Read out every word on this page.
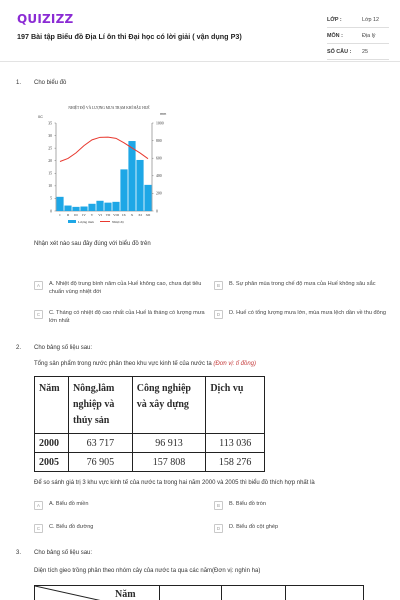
QUIZIZZ
197 Bài tập Biểu đồ Địa Lí ôn thi Đại học có lời giải ( vận dụng P3)
LỚP :	Lớp 12
MÔN :	Địa lý
SỐ CÂU :	25
1. Cho biểu đồ
NHIỆT ĐỘ VÀ LƯỢNG MƯA TRẠM KHÍ HẬU HUẾ
0C
mm
0
5
10
15
20
25
30
35
0
200
400
600
800
1000
I II III IV V VI VII VIII IX X XI XII
Lượng mưa	Nhiệt độ
Nhận xét nào sau đây đúng với biểu đồ trên
A	A. Nhiệt độ trung bình năm của Huế không cao, chưa đạt tiêu chuẩn vùng nhiệt đới
B	B. Sự phân mùa trong chế độ mưa của Huế không sâu sắc
C	C. Tháng có nhiệt độ cao nhất của Huế là tháng có lượng mưa lớn nhất
D	D. Huế có tổng lượng mưa lớn, mùa mưa lệch dần về thu đông
2. Cho bảng số liệu sau:
Tổng sản phẩm trong nước phân theo khu vực kinh tế của nước ta (Đơn vị: tỉ đồng)
Năm	Nông,lâm nghiệp và thủy sản	Công nghiệp và xây dựng	Dịch vụ
2000	63 717	96 913	113 036
2005	76 905	157 808	158 276
Để so sánh giá trị 3 khu vực kinh tế của nước ta trong hai năm 2000 và 2005 thì biểu đồ thích hợp nhất là
A	A. Biểu đồ miền	B	B. Biểu đồ tròn
C	C. Biểu đồ đường	D	D. Biểu đồ cột ghép
3. Cho bảng số liệu sau:
Diện tích gieo trồng phân theo nhóm cây của nước ta qua các năm(Đơn vị: nghìn ha)
Năm
